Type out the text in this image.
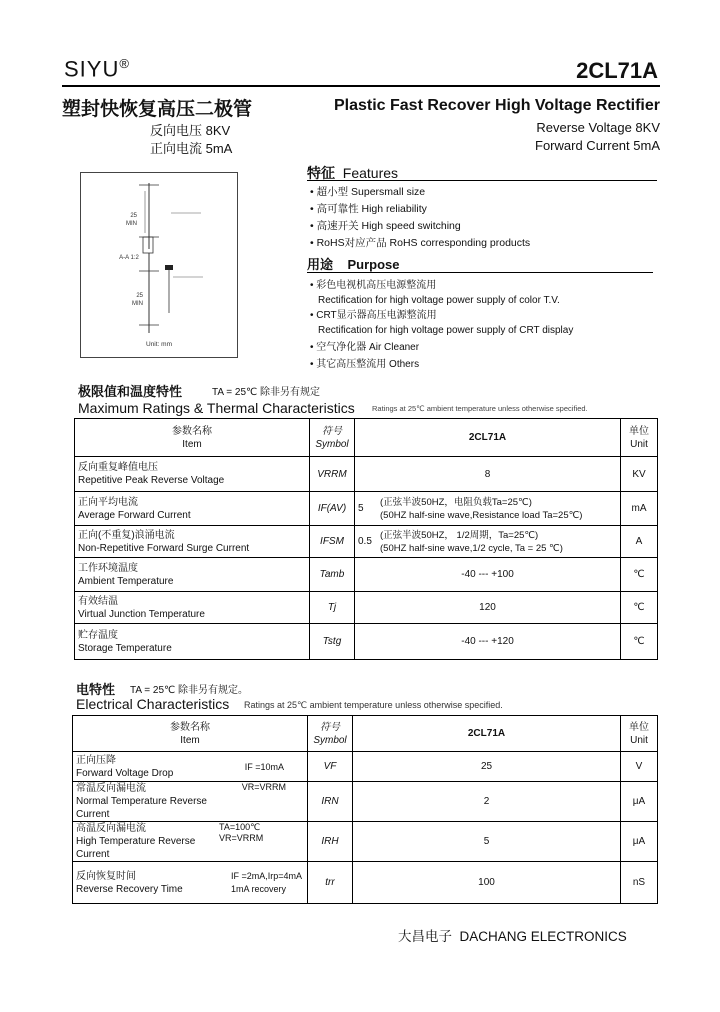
SIYU®	2CL71A
塑封快恢复高压二极管	Plastic Fast Recover High Voltage Rectifier
反向电压 8KV
正向电流 5mA
Reverse Voltage 8KV
Forward Current 5mA
25
MIN
A-A 1:2
25
MIN
Unit: mm
特征 Features
• 超小型 Supersmall size
• 高可靠性 High reliability
• 高速开关 High speed switching
• RoHS对应产品 RoHS corresponding products
用途 Purpose
• 彩色电视机高压电源整流用
Rectification for high voltage power supply of color T.V.
• CRT显示器高压电源整流用
Rectification for high voltage power supply of CRT display
• 空气净化器 Air Cleaner
• 其它高压整流用 Others
极限值和温度特性	TA = 25℃ 除非另有规定
Maximum Ratings & Thermal Characteristics Ratings at 25℃ ambient temperature unless otherwise specified.
参数名称
Item	符号
Symbol	2CL71A	单位
Unit

反向重复峰值电压
Repetitive Peak Reverse Voltage	VRRM	8	KV

正向平均电流
Average Forward Current	IF(AV)	5
(正弦半波50HZ，电阻负载Ta=25℃)
(50HZ half-sine wave,Resistance load Ta=25℃)	mA

正向(不重复)浪涌电流
Non-Repetitive Forward Surge Current	IFSM	0.5
(正弦半波50HZ， 1/2周期，Ta=25℃)
(50HZ half-sine wave,1/2 cycle, Ta = 25 ℃)	A

工作环境温度
Ambient Temperature	Tamb	-40 --- +100	℃

有效结温
Virtual Junction Temperature	Tj	120	℃

贮存温度
Storage Temperature	Tstg	-40 --- +120	℃
电特性 TA = 25℃ 除非另有规定。
Electrical Characteristics Ratings at 25℃ ambient temperature unless otherwise specified.
参数名称
Item	符号
Symbol	2CL71A	单位
Unit

正向压降
Forward Voltage Drop
IF =10mA	VF	25	V

常温反向漏电流
Normal Temperature Reverse Current
VR=VRRM	IRN	2	μA

高温反向漏电流
High Temperature Reverse Current
TA=100℃ VR=VRRM	IRH	5	μA

反向恢复时间
Reverse Recovery Time
IF =2mA,Irp=4mA
1mA recovery	trr	100	nS
大昌电子 DACHANG ELECTRONICS
